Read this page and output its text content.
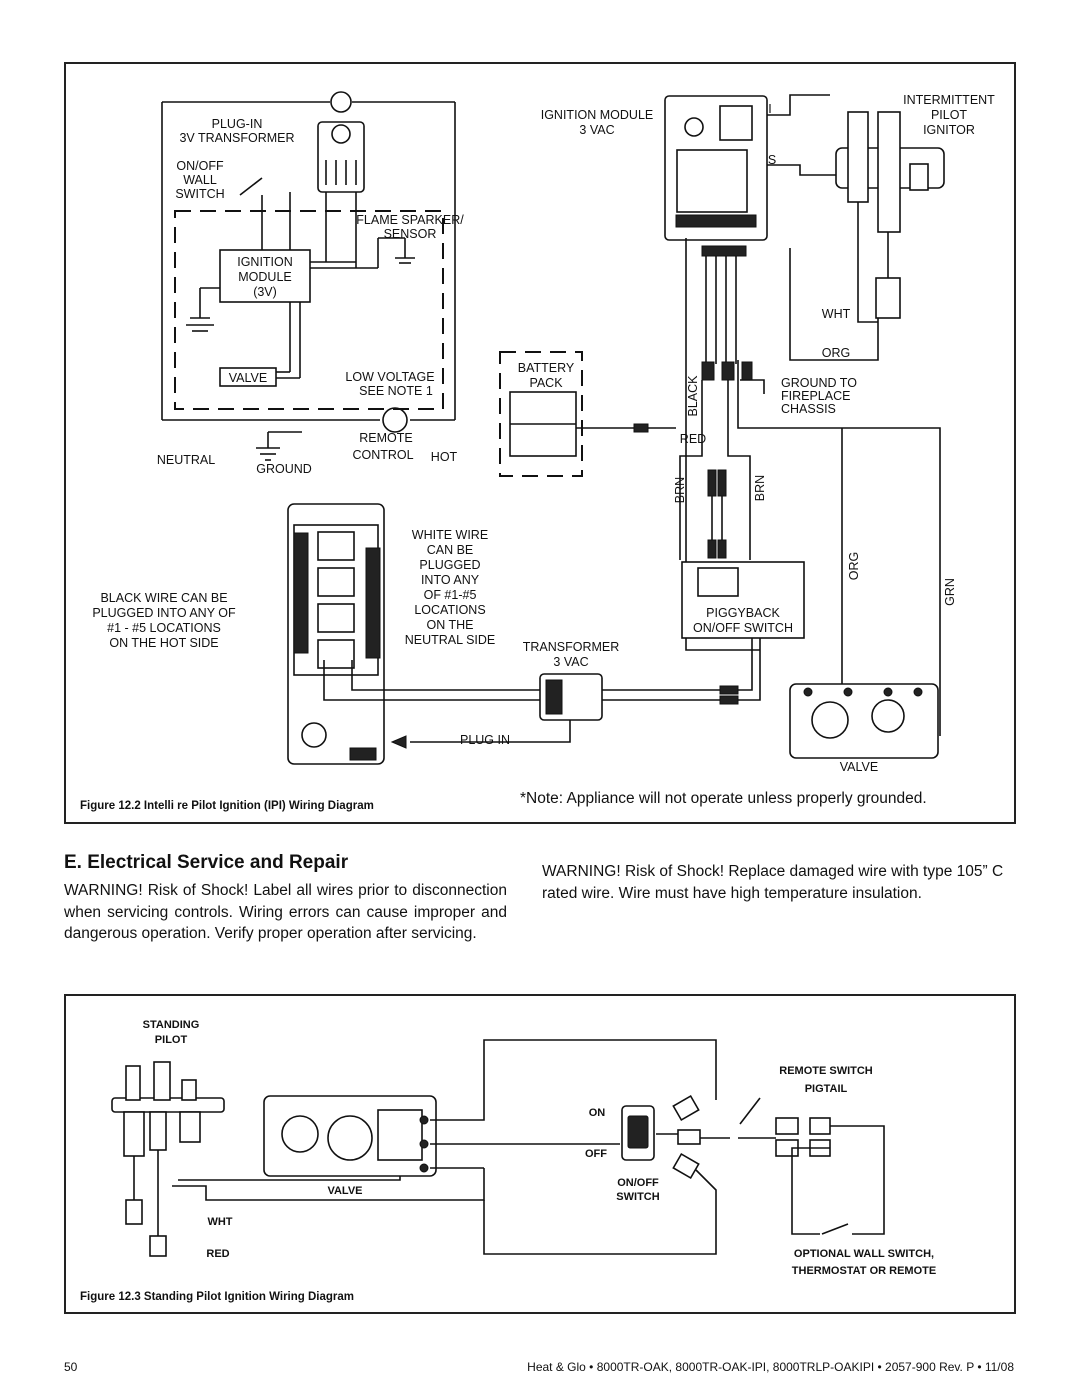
PLUG-IN
3V TRANSFORMER
ON/OFF
WALL
SWITCH
FLAME SPARKER/
SENSOR
IGNITION
MODULE
(3V)
VALVE	LOW VOLTAGE
SEE NOTE 1
NEUTRAL
GROUND
REMOTE
CONTROL HOT
IGNITION MODULE
3 VAC
I
S
INTERMITTENT
PILOT
IGNITOR
WHT
ORG
BATTERY
PACK	BLACK	GROUND TO
FIREPLACE
CHASSIS
RED
BRN	BRN
ORG
GRN
PIGGYBACK
ON/OFF SWITCH
TRANSFORMER
3 VAC
WHITE WIRE
CAN BE
PLUGGED
INTO ANY
OF #1-#5
LOCATIONS
ON THE
NEUTRAL SIDE
BLACK WIRE CAN BE
PLUGGED INTO ANY OF
#1 - #5 LOCATIONS
ON THE HOT SIDE
PLUG IN
VALVE
Figure 12.2 Intelli re Pilot Ignition (IPI) Wiring Diagram	*Note: Appliance will not operate unless properly grounded.
E. Electrical Service and Repair

WARNING! Risk of Shock! Label all wires prior to disconnection when servicing controls. Wiring errors can cause improper and dangerous operation. Verify proper operation after servicing.

WARNING! Risk of Shock! Replace damaged wire with type 105” C rated wire. Wire must have high temperature insulation.

STANDING
PILOT
VALVE
WHT
RED
ON
OFF
ON/OFF
SWITCH
REMOTE SWITCH
PIGTAIL
OPTIONAL WALL SWITCH,
THERMOSTAT OR REMOTE
Figure 12.3 Standing Pilot Ignition Wiring Diagram
50	Heat & Glo • 8000TR-OAK, 8000TR-OAK-IPI, 8000TRLP-OAKIPI • 2057-900 Rev. P • 11/08
